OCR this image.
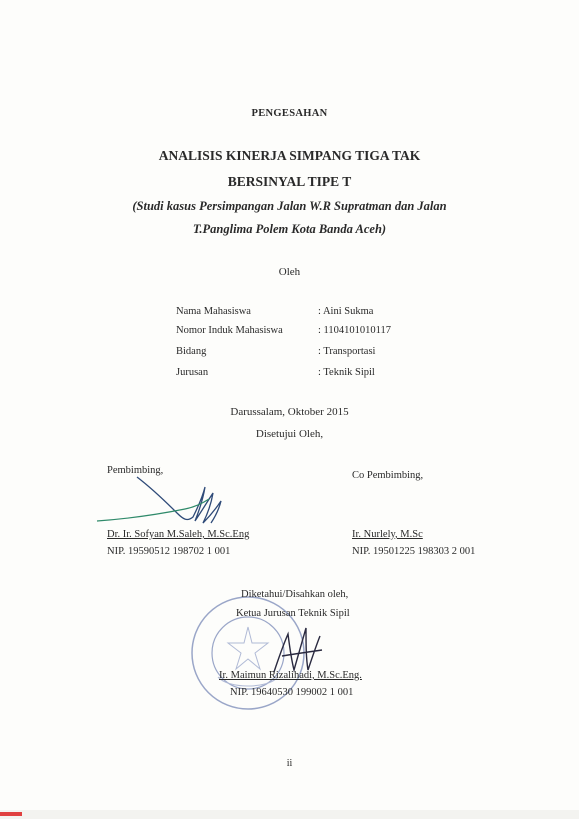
PENGESAHAN
ANALISIS KINERJA SIMPANG TIGA TAK
BERSINYAL TIPE T
(Studi kasus Persimpangan Jalan W.R Supratman dan Jalan
T.Panglima Polem Kota Banda Aceh)
Oleh
Nama Mahasiswa	: Aini Sukma
Nomor Induk Mahasiswa	: 1104101010117
Bidang	: Transportasi
Jurusan	: Teknik Sipil
Darussalam, Oktober 2015
Disetujui Oleh,
Pembimbing,
Dr. Ir. Sofyan M.Saleh, M.Sc.Eng
NIP. 19590512 198702 1 001
Co Pembimbing,
Ir. Nurlely, M.Sc
NIP. 19501225 198303 2 001
Diketahui/Disahkan oleh,
Ketua Jurusan Teknik Sipil
Ir. Maimun Rizalihadi, M.Sc.Eng.
NIP. 19640530 199002 1 001
ii
